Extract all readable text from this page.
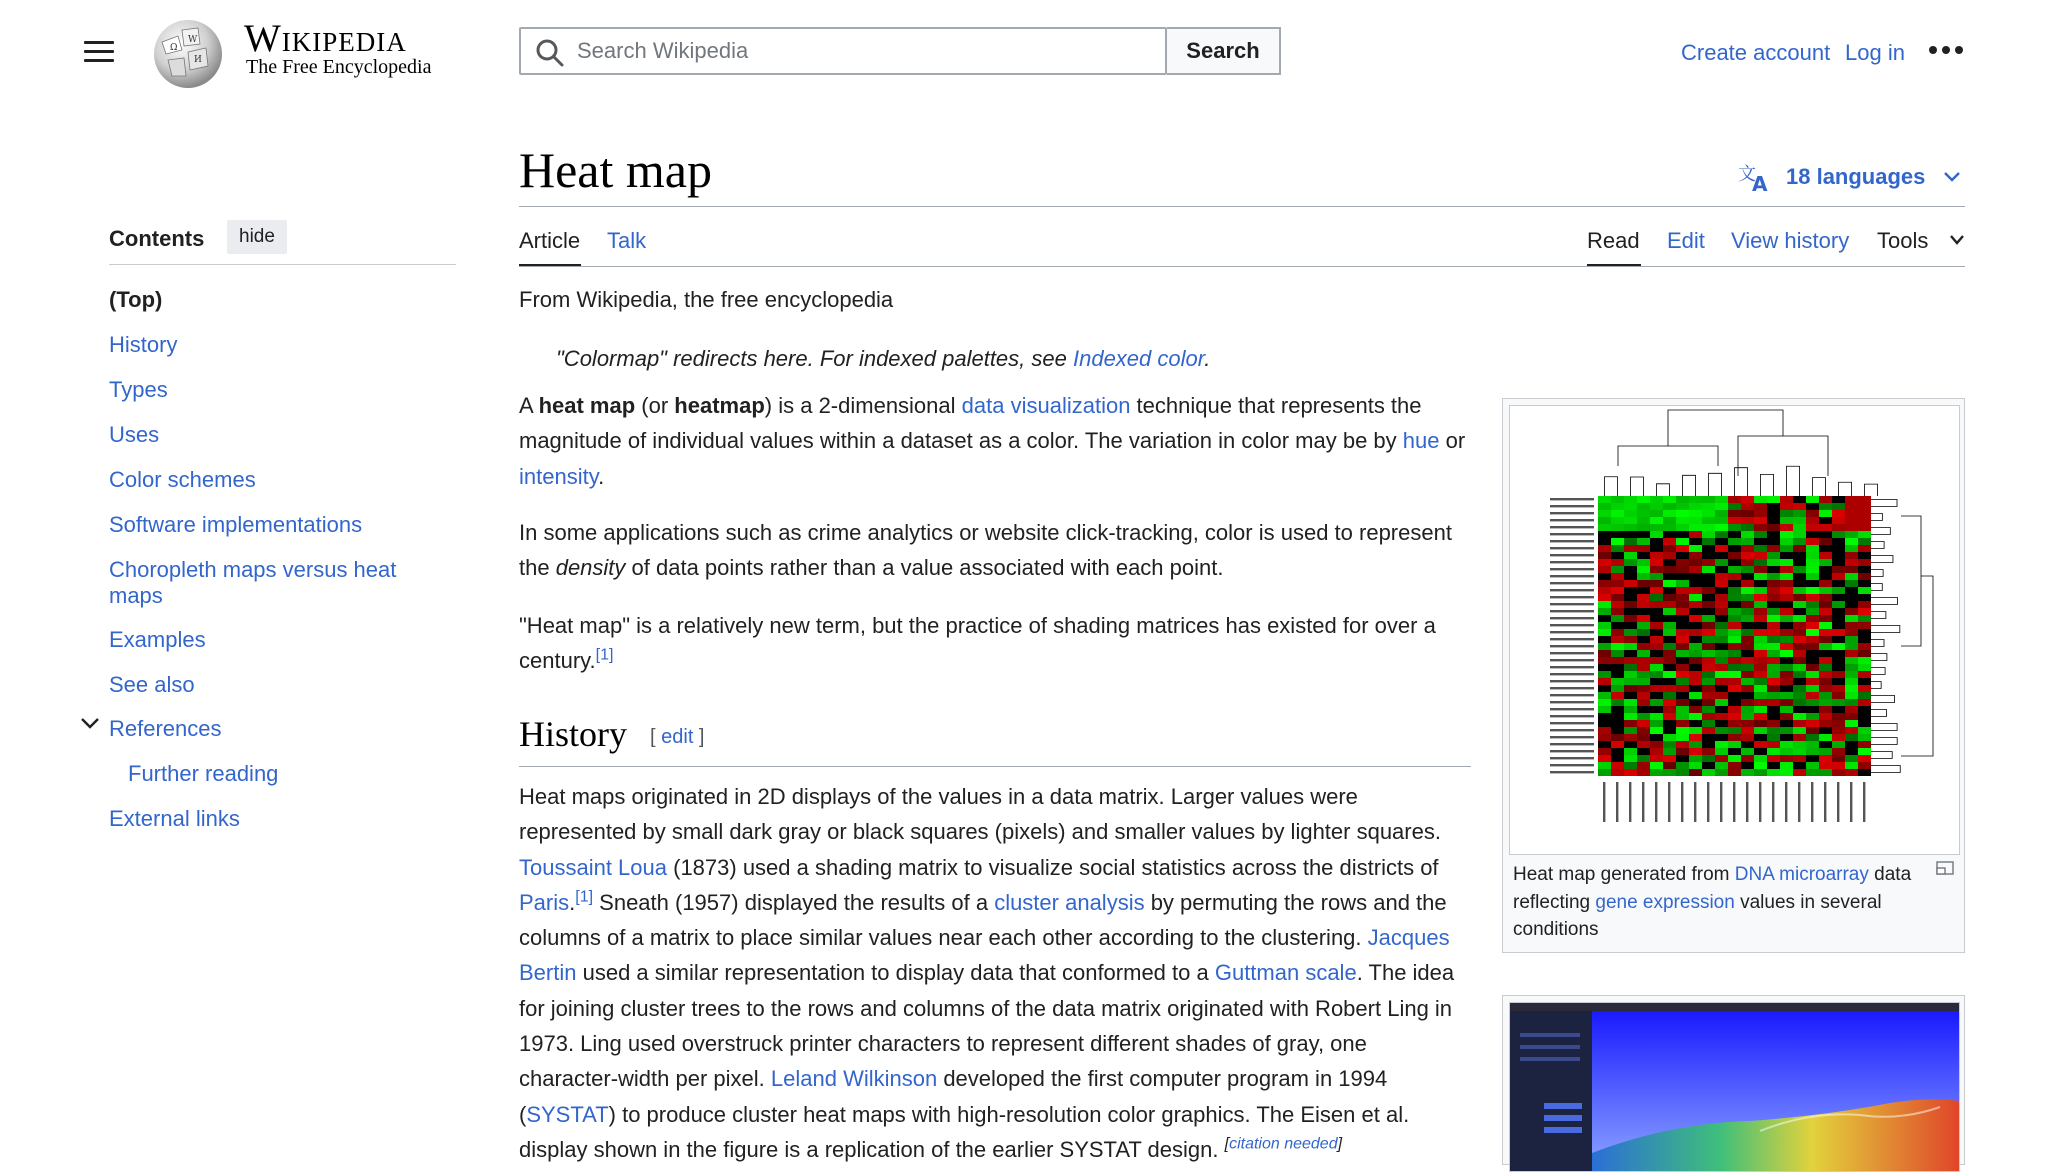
Ω
W
И Wikipedia
The Free Encyclopedia
Search Wikipedia
Search	Create account Log in
Contents	hide
(Top)
History
Types
Uses
Color schemes
Software implementations
Choropleth maps versus heat maps
Examples
See also
References
Further reading
External links
Heat map	文
A 18 languages
Article Talk	Read Edit View history Tools
From Wikipedia, the free encyclopedia
"Colormap" redirects here. For indexed palettes, see Indexed color.

A heat map (or heatmap) is a 2-dimensional data visualization technique that represents the magnitude of individual values within a dataset as a color. The variation in color may be by hue or intensity.

In some applications such as crime analytics or website click-tracking, color is used to represent the density of data points rather than a value associated with each point.

"Heat map" is a relatively new term, but the practice of shading matrices has existed for over a century.[1]

History [ edit ]

Heat maps originated in 2D displays of the values in a data matrix. Larger values were represented by small dark gray or black squares (pixels) and smaller values by lighter squares. Toussaint Loua (1873) used a shading matrix to visualize social statistics across the districts of Paris.[1] Sneath (1957) displayed the results of a cluster analysis by permuting the rows and the columns of a matrix to place similar values near each other according to the clustering. Jacques Bertin used a similar representation to display data that conformed to a Guttman scale. The idea for joining cluster trees to the rows and columns of the data matrix originated with Robert Ling in 1973. Ling used overstruck printer characters to represent different shades of gray, one character-width per pixel. Leland Wilkinson developed the first computer program in 1994 (SYSTAT) to produce cluster heat maps with high-resolution color graphics. The Eisen et al. display shown in the figure is a replication of the earlier SYSTAT design. [citation needed]

Heat map generated from DNA microarray data reflecting gene expression values in several conditions
